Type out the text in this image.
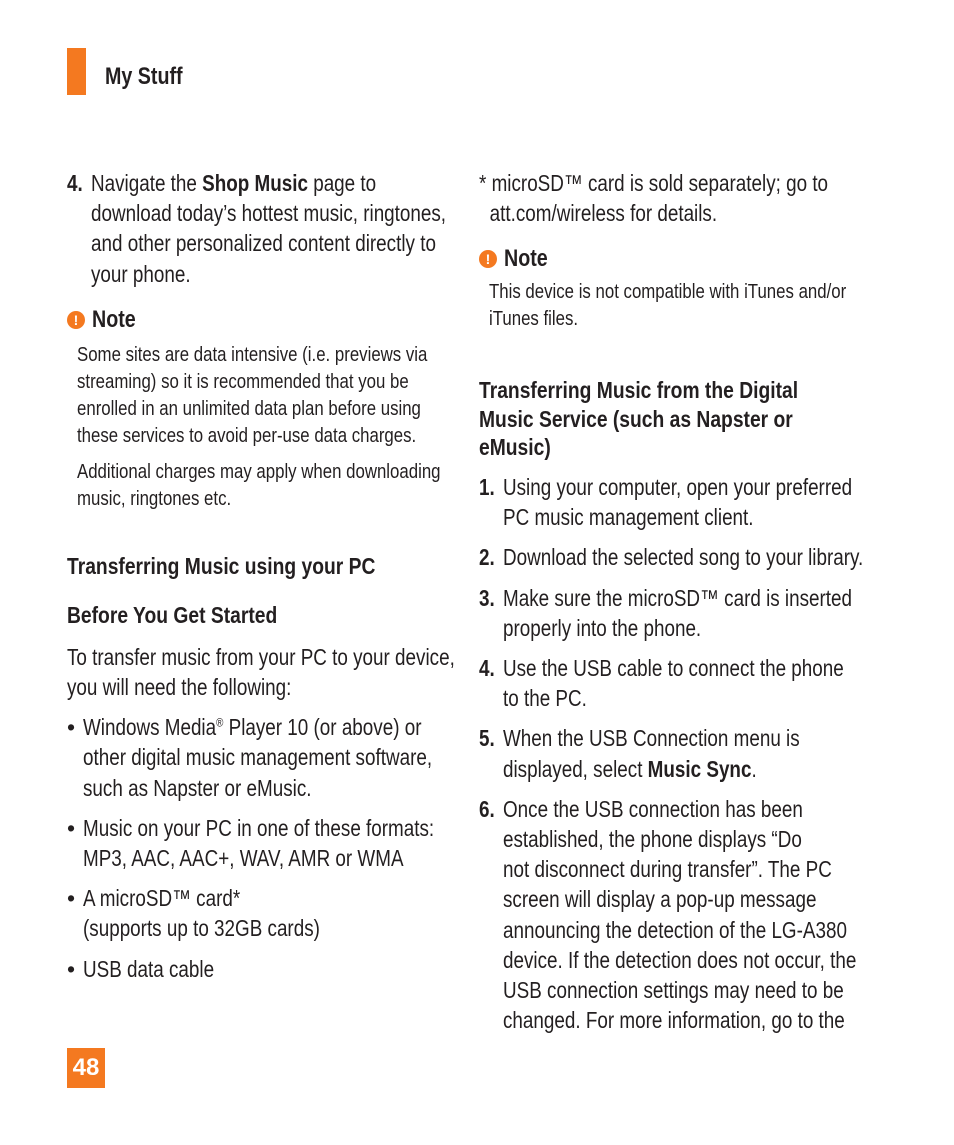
My Stuff
4. Navigate the Shop Music page to
download today’s hottest music, ringtones,
and other personalized content directly to
your phone.
! Note
Some sites are data intensive (i.e. previews via
streaming) so it is recommended that you be
enrolled in an unlimited data plan before using
these services to avoid per-use data charges.
Additional charges may apply when downloading
music, ringtones etc.
Transferring Music using your PC
Before You Get Started
To transfer music from your PC to your device,
you will need the following:
• Windows Media® Player 10 (or above) or
other digital music management software,
such as Napster or eMusic.
• Music on your PC in one of these formats:
MP3, AAC, AAC+, WAV, AMR or WMA
• A microSD™ card*
(supports up to 32GB cards)
• USB data cable
* microSD™ card is sold separately; go to
att.com/wireless for details.
! Note
This device is not compatible with iTunes and/or
iTunes files.
Transferring Music from the Digital
Music Service (such as Napster or
eMusic)
1. Using your computer, open your preferred
PC music management client.
2. Download the selected song to your library.
3. Make sure the microSD™ card is inserted
properly into the phone.
4. Use the USB cable to connect the phone
to the PC.
5. When the USB Connection menu is
displayed, select Music Sync.
6. Once the USB connection has been
established, the phone displays “Do
not disconnect during transfer”. The PC
screen will display a pop-up message
announcing the detection of the LG-A380
device. If the detection does not occur, the
USB connection settings may need to be
changed. For more information, go to the
48
